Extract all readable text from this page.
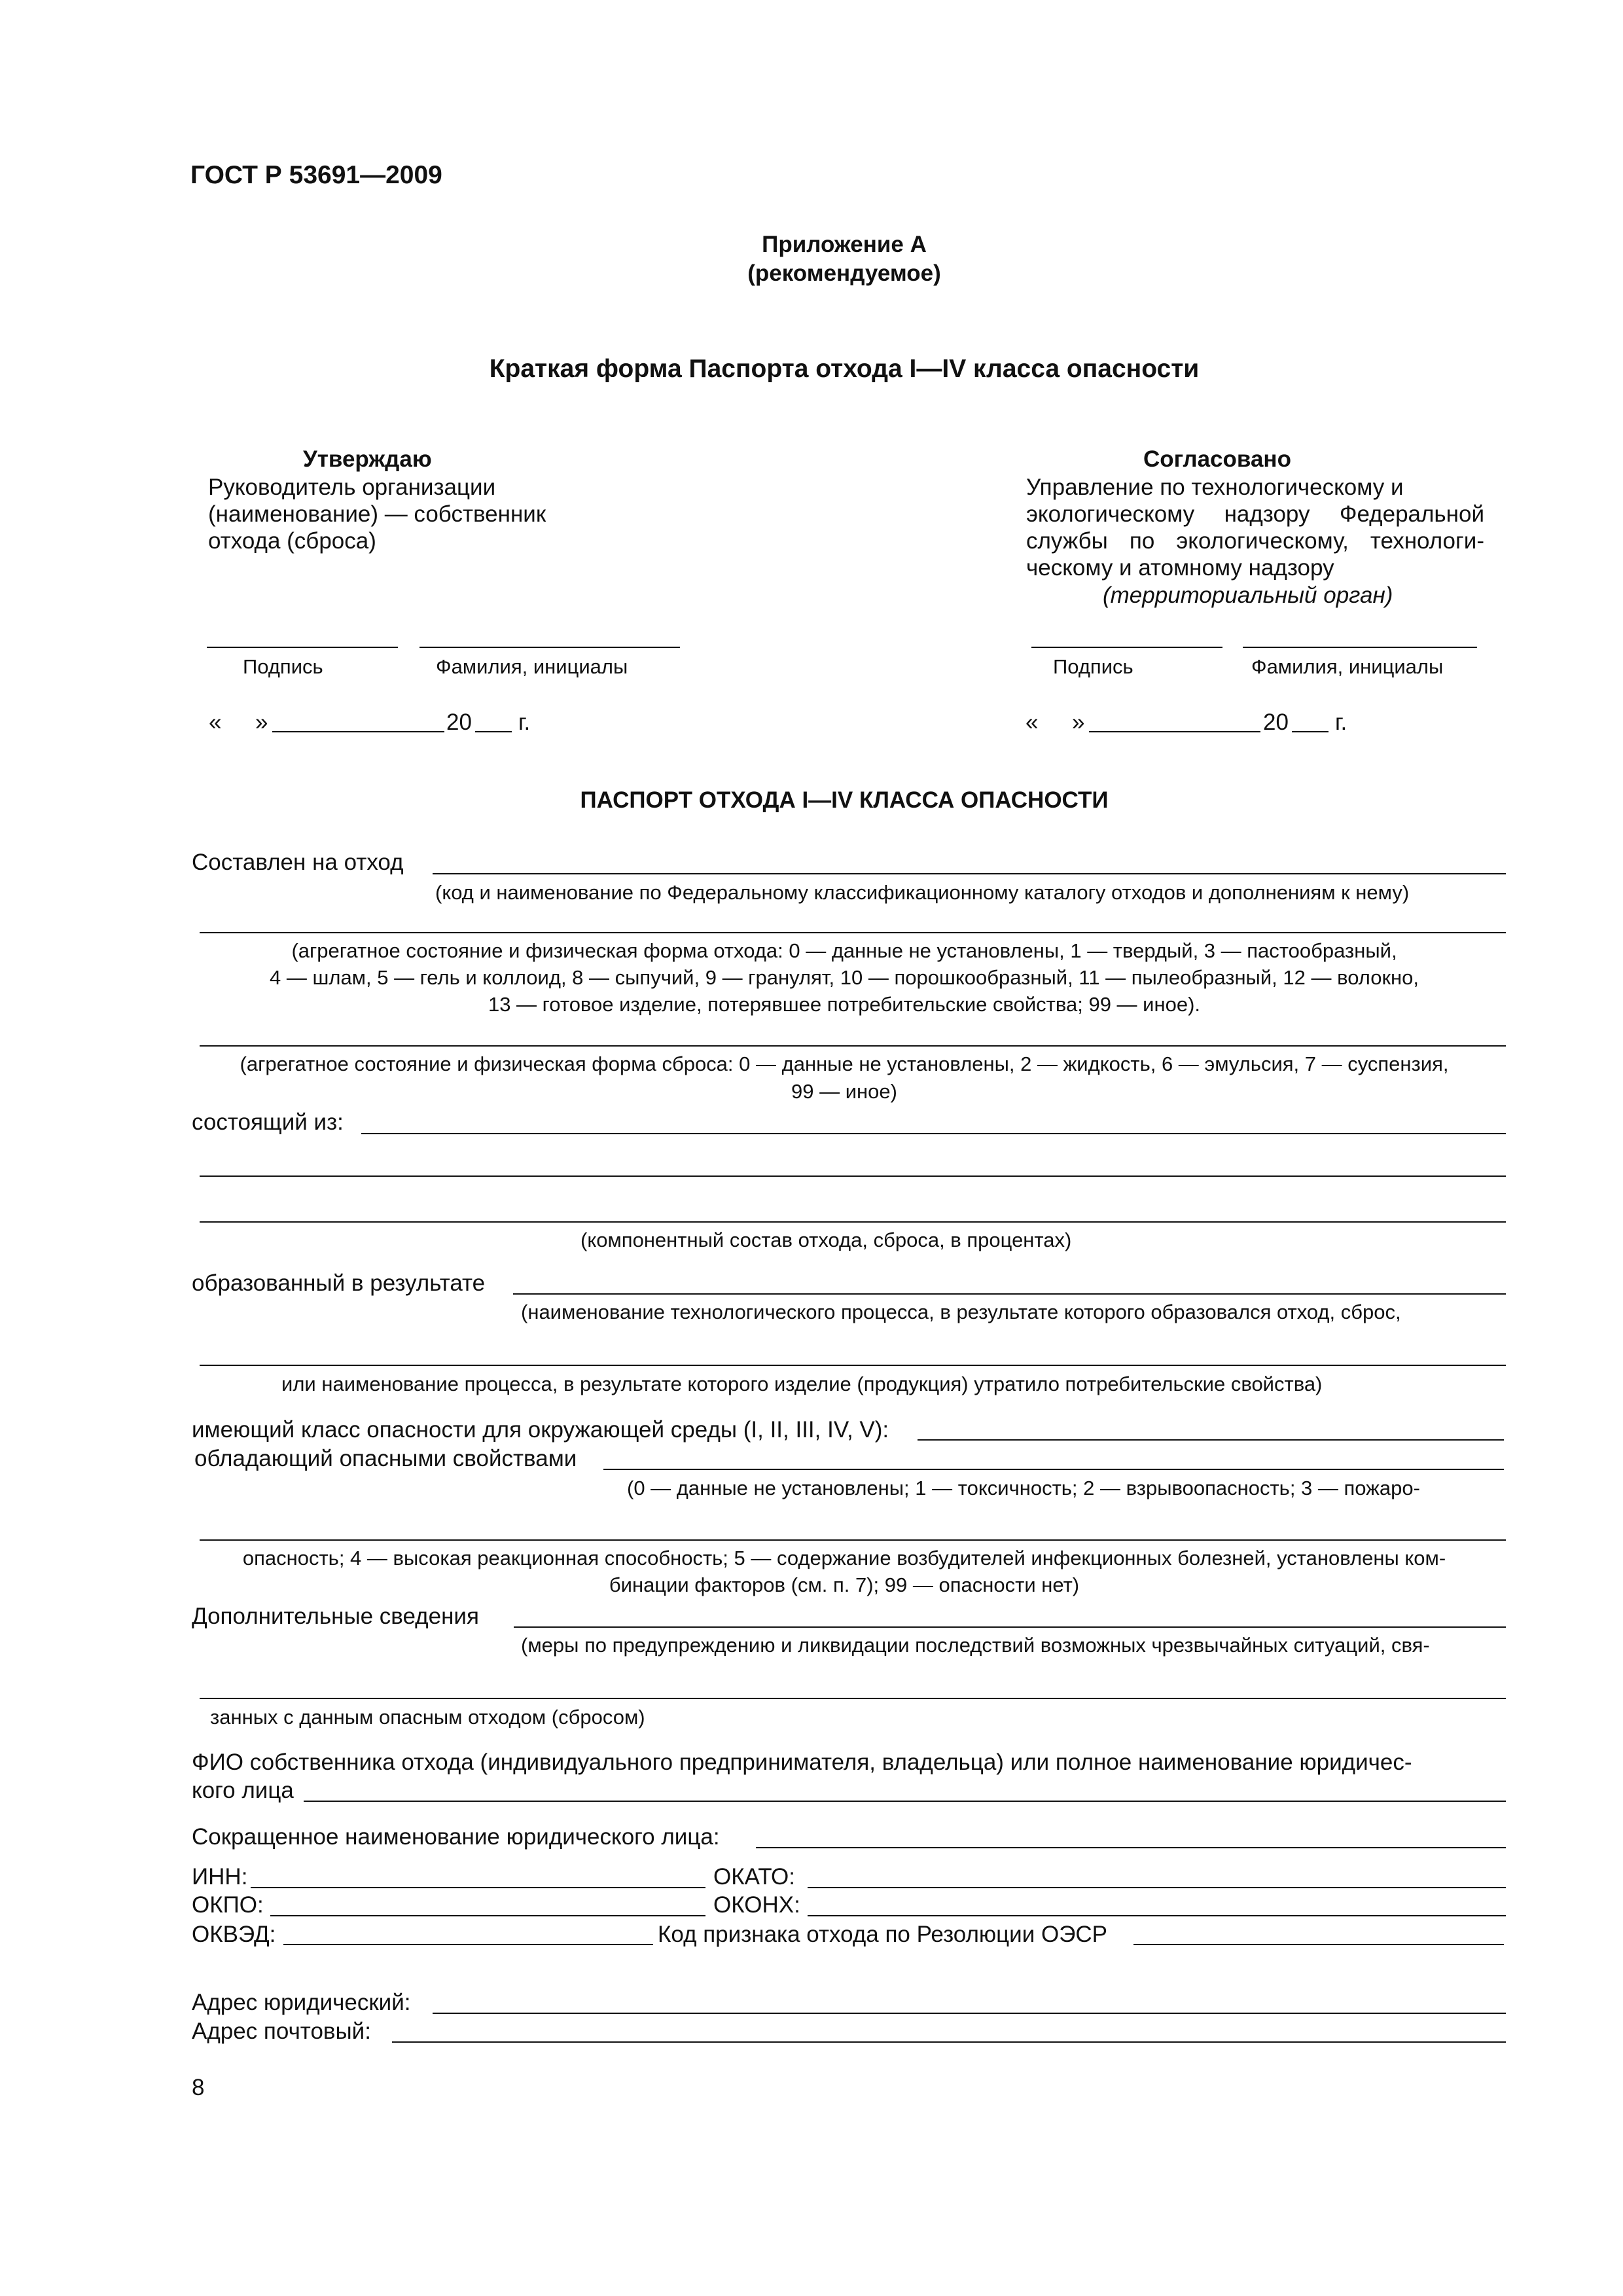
ГОСТ Р 53691—2009
Приложение А
(рекомендуемое)
Краткая форма Паспорта отхода I—IV класса опасности
Утверждаю
Руководитель организации
(наименование) — собственник
отхода (сброса)
Подпись	Фамилия, инициалы
« »	20 г.
Согласовано
Управление по технологическому и
экологическому надзору Федеральной
службы по экологическому, технологи-
ческому и атомному надзору
(территориальный орган)
Подпись	Фамилия, инициалы
« »	20 г.
ПАСПОРТ ОТХОДА I—IV КЛАССА ОПАСНОСТИ
Составлен на отход
(код и наименование по Федеральному классификационному каталогу отходов и дополнениям к нему)
(агрегатное состояние и физическая форма отхода: 0 — данные не установлены, 1 — твердый, 3 — пастообразный,
4 — шлам, 5 — гель и коллоид, 8 — сыпучий, 9 — гранулят, 10 — порошкообразный, 11 — пылеобразный, 12 — волокно,
13 — готовое изделие, потерявшее потребительские свойства; 99 — иное).
(агрегатное состояние и физическая форма сброса: 0 — данные не установлены, 2 — жидкость, 6 — эмульсия, 7 — суспензия,
99 — иное)
состоящий из:
(компонентный состав отхода, сброса, в процентах)
образованный в результате
(наименование технологического процесса, в результате которого образовался отход, сброс,
или наименование процесса, в результате которого изделие (продукция) утратило потребительские свойства)
имеющий класс опасности для окружающей среды (I, II, III, IV, V):
обладающий опасными свойствами
(0 — данные не установлены; 1 — токсичность; 2 — взрывоопасность; 3 — пожаро-
опасность; 4 — высокая реакционная способность; 5 — содержание возбудителей инфекционных болезней, установлены ком-
бинации факторов (см. п. 7); 99 — опасности нет)
Дополнительные сведения
(меры по предупреждению и ликвидации последствий возможных чрезвычайных ситуаций, свя-
занных с данным опасным отходом (сбросом)
ФИО собственника отхода (индивидуального предпринимателя, владельца) или полное наименование юридичес-
кого лица
Сокращенное наименование юридического лица:
ИНН:	ОКАТО:
ОКПО:	ОКОНХ:
ОКВЭД:	Код признака отхода по Резолюции ОЭСР
Адрес юридический:
Адрес почтовый:
8
